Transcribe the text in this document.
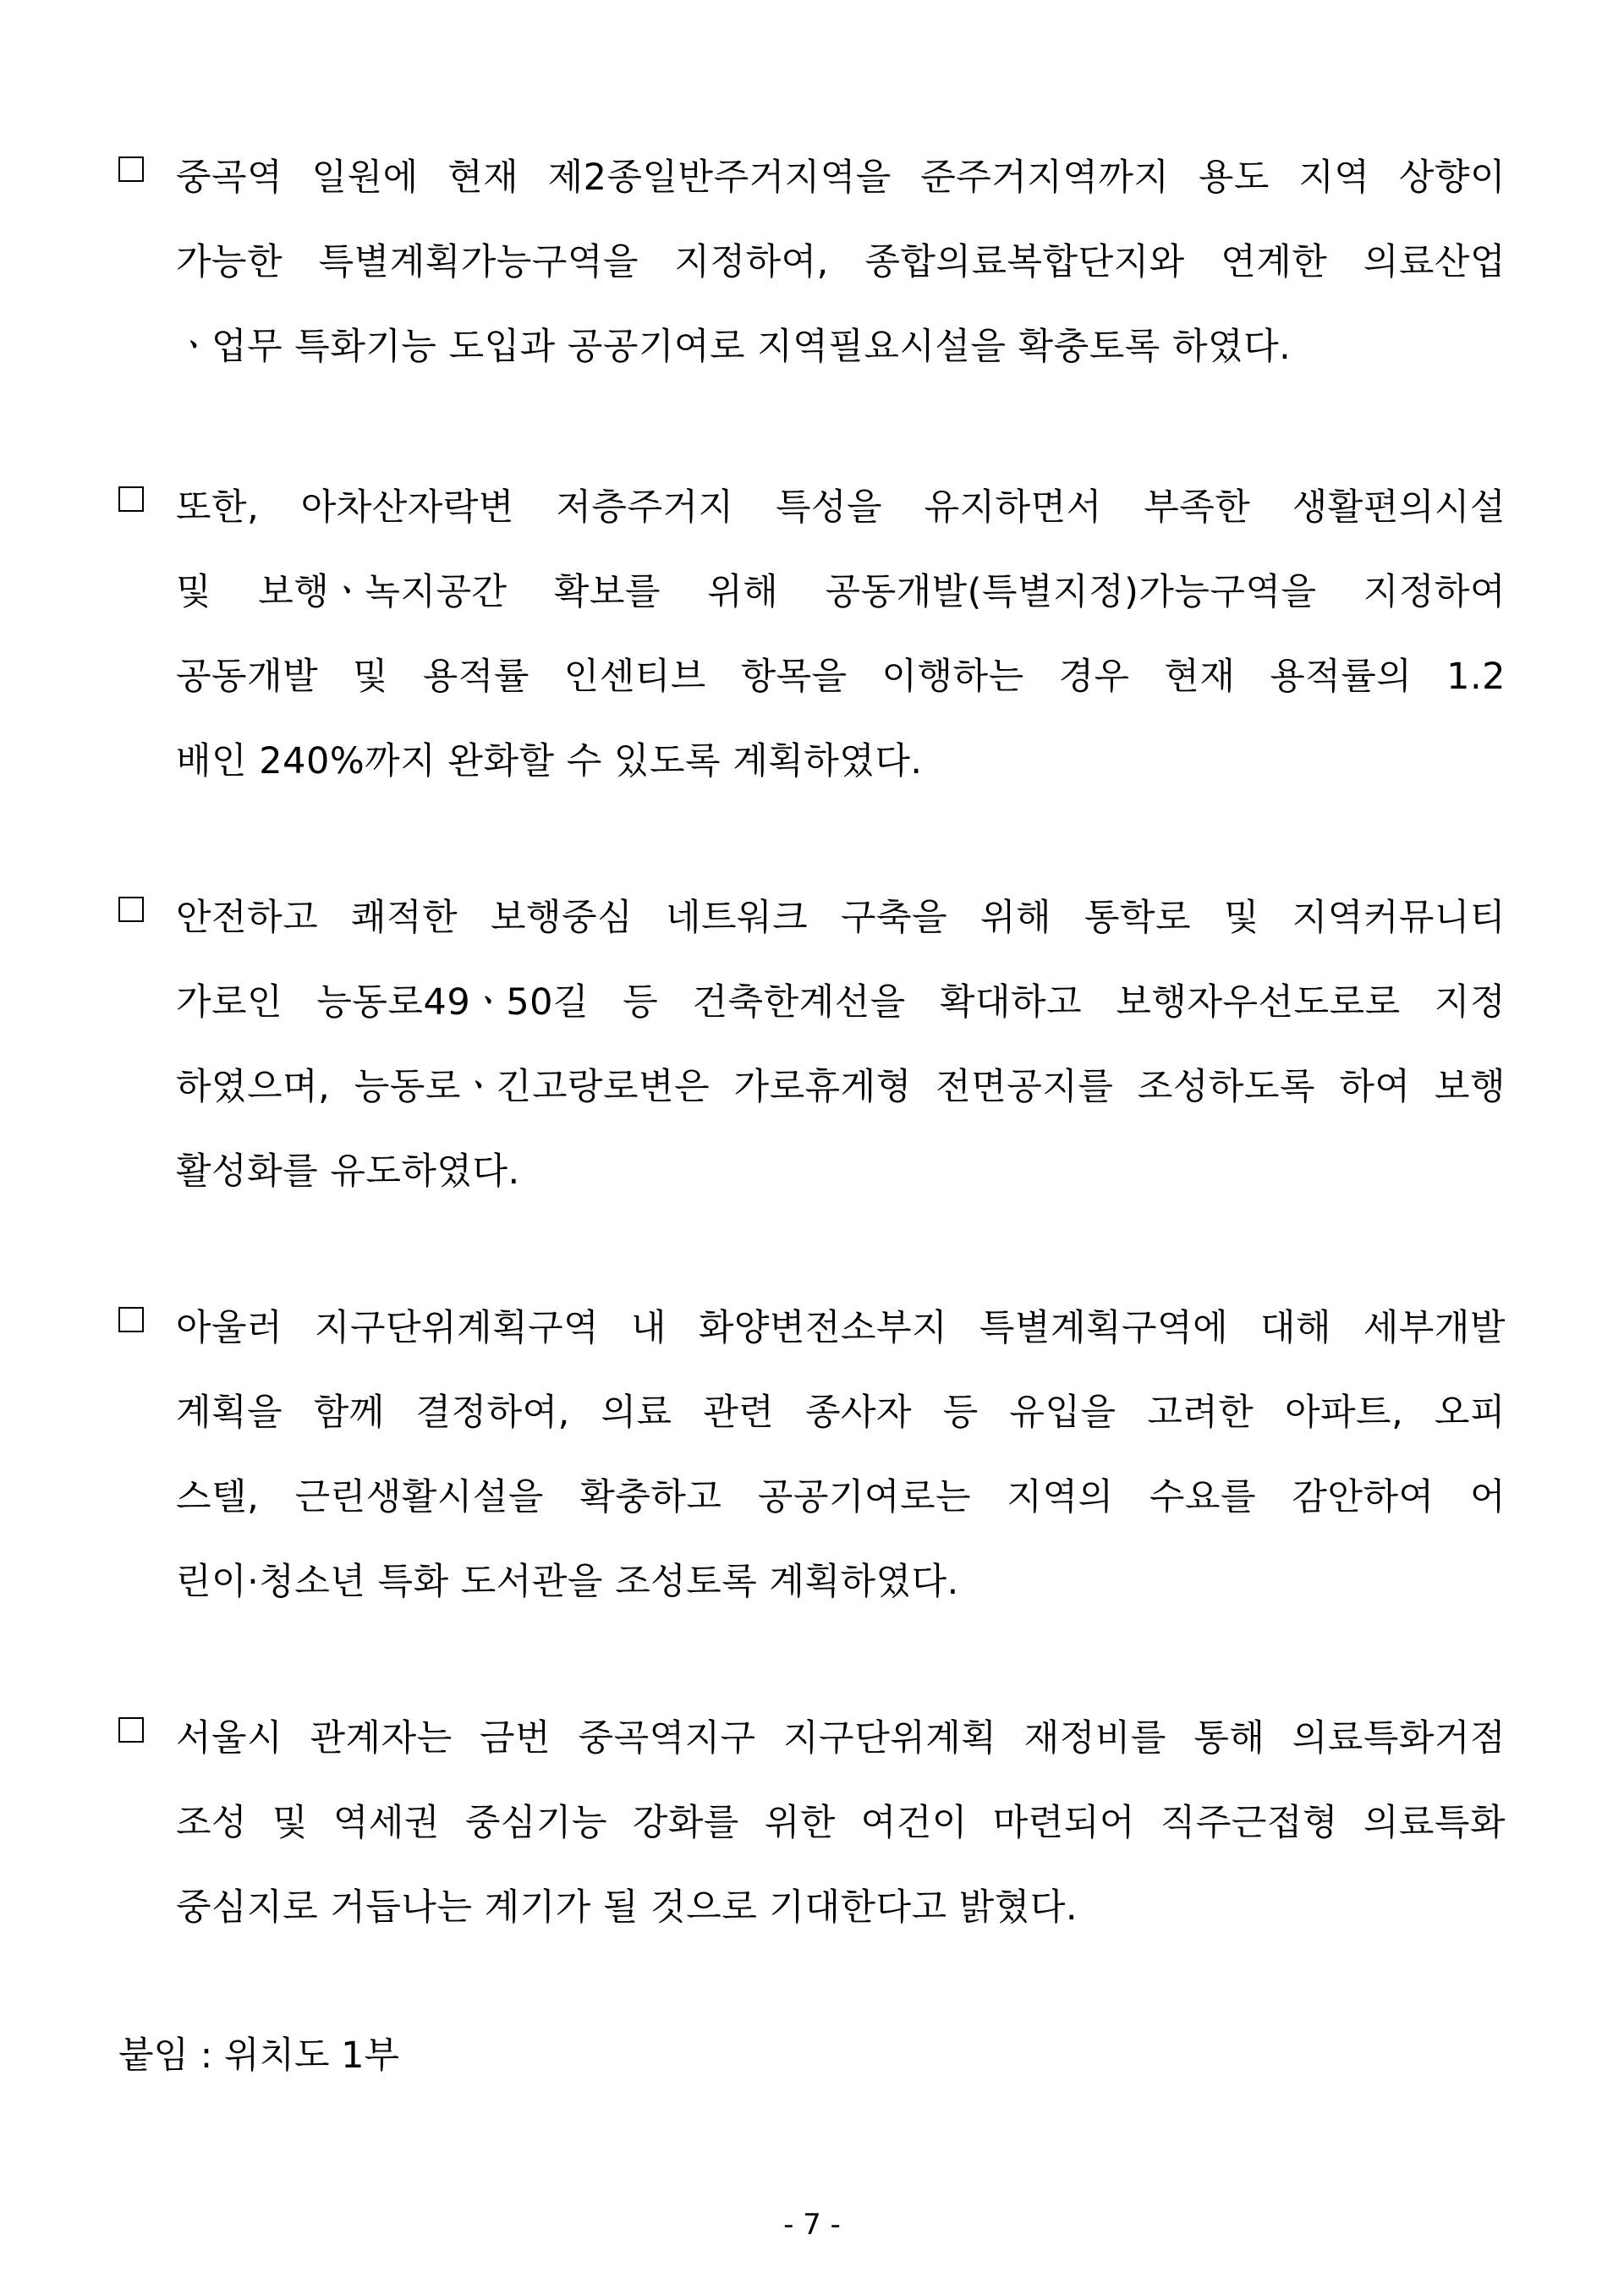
중곡역 일원에 현재 제2종일반주거지역을 준주거지역까지 용도 지역 상향이
가능한 특별계획가능구역을 지정하여, 종합의료복합단지와 연계한 의료산업
ㆍ업무 특화기능 도입과 공공기여로 지역필요시설을 확충토록 하였다.
또한, 아차산자락변 저층주거지 특성을 유지하면서 부족한 생활편의시설
및 보행ㆍ녹지공간 확보를 위해 공동개발(특별지정)가능구역을 지정하여
공동개발 및 용적률 인센티브 항목을 이행하는 경우 현재 용적률의 1.2
배인 240%까지 완화할 수 있도록 계획하였다.
안전하고 쾌적한 보행중심 네트워크 구축을 위해 통학로 및 지역커뮤니티
가로인 능동로49ㆍ50길 등 건축한계선을 확대하고 보행자우선도로로 지정
하였으며, 능동로ㆍ긴고랑로변은 가로휴게형 전면공지를 조성하도록 하여 보행
활성화를 유도하였다.
아울러 지구단위계획구역 내 화양변전소부지 특별계획구역에 대해 세부개발
계획을 함께 결정하여, 의료 관련 종사자 등 유입을 고려한 아파트, 오피
스텔, 근린생활시설을 확충하고 공공기여로는 지역의 수요를 감안하여 어
린이·청소년 특화 도서관을 조성토록 계획하였다.
서울시 관계자는 금번 중곡역지구 지구단위계획 재정비를 통해 의료특화거점
조성 및 역세권 중심기능 강화를 위한 여건이 마련되어 직주근접형 의료특화
중심지로 거듭나는 계기가 될 것으로 기대한다고 밝혔다.
붙임 : 위치도 1부
- 7 -
